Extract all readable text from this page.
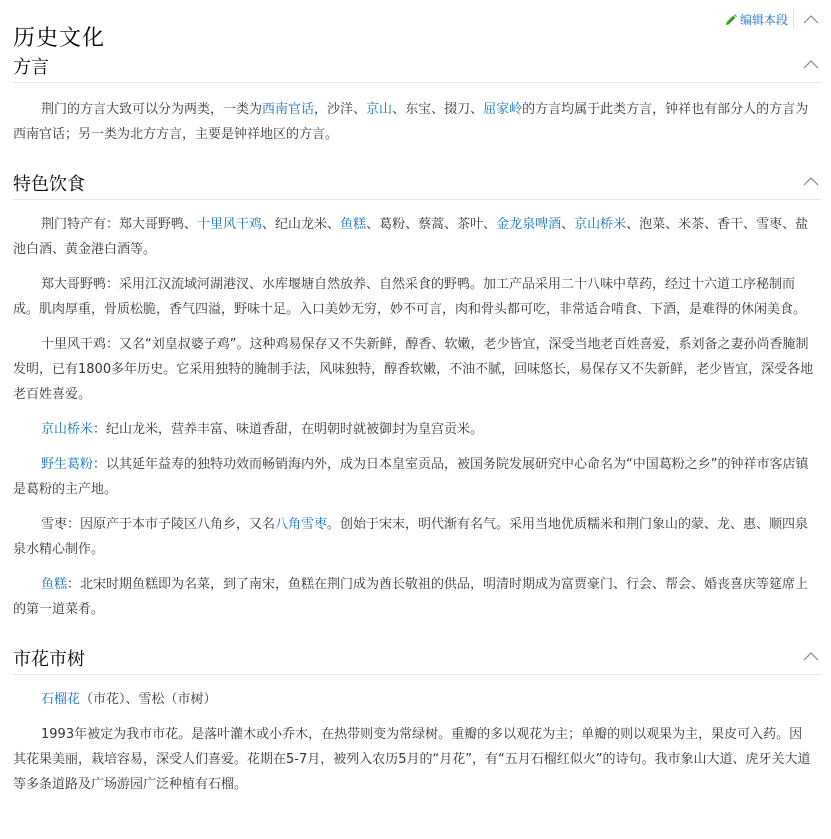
历史文化
编辑本段
方言

荆门的方言大致可以分为两类，一类为西南官话，沙洋、京山、东宝、掇刀、屈家岭的方言均属于此类方言，钟祥也有部分人的方言为西南官话；另一类为北方方言，主要是钟祥地区的方言。

特色饮食

荆门特产有：郑大哥野鸭、十里风干鸡、纪山龙米、鱼糕、葛粉、蔡蒿、茶叶、金龙泉啤酒、京山桥米、泡菜、米茶、香干、雪枣、盐池白酒、黄金港白酒等。

郑大哥野鸭：采用江汉流域河湖港汊、水库堰塘自然放养、自然采食的野鸭。加工产品采用二十八味中草药，经过十六道工序秘制而成。肌肉厚重，骨质松脆，香气四溢，野味十足。入口美妙无穷，妙不可言，肉和骨头都可吃，非常适合啃食、下酒，是难得的休闲美食。

十里风干鸡：又名“刘皇叔婆子鸡”。这种鸡易保存又不失新鲜，醇香、软嫩，老少皆宜，深受当地老百姓喜爱，系刘备之妻孙尚香腌制发明，已有1800多年历史。它采用独特的腌制手法，风味独特，醇香软嫩，不油不腻，回味悠长，易保存又不失新鲜，老少皆宜，深受各地老百姓喜爱。

京山桥米：纪山龙米，营养丰富、味道香甜，在明朝时就被御封为皇宫贡米。

野生葛粉：以其延年益寿的独特功效而畅销海内外，成为日本皇室贡品，被国务院发展研究中心命名为“中国葛粉之乡”的钟祥市客店镇是葛粉的主产地。

雪枣：因原产于本市子陵区八角乡，又名八角雪枣。创始于宋末，明代渐有名气。采用当地优质糯米和荆门象山的蒙、龙、惠、顺四泉泉水精心制作。

鱼糕：北宋时期鱼糕即为名菜，到了南宋，鱼糕在荆门成为酋长敬祖的供品，明清时期成为富贾豪门、行会、帮会、婚丧喜庆等筵席上的第一道菜肴。

市花市树

石榴花（市花）、雪松（市树）

1993年被定为我市市花。是落叶灌木或小乔木，在热带则变为常绿树。重瓣的多以观花为主；单瓣的则以观果为主，果皮可入药。因其花果美丽，栽培容易，深受人们喜爱。花期在5-7月，被列入农历5月的“月花”，有“五月石榴红似火”的诗句。我市象山大道、虎牙关大道等多条道路及广场游园广泛种植有石榴。
